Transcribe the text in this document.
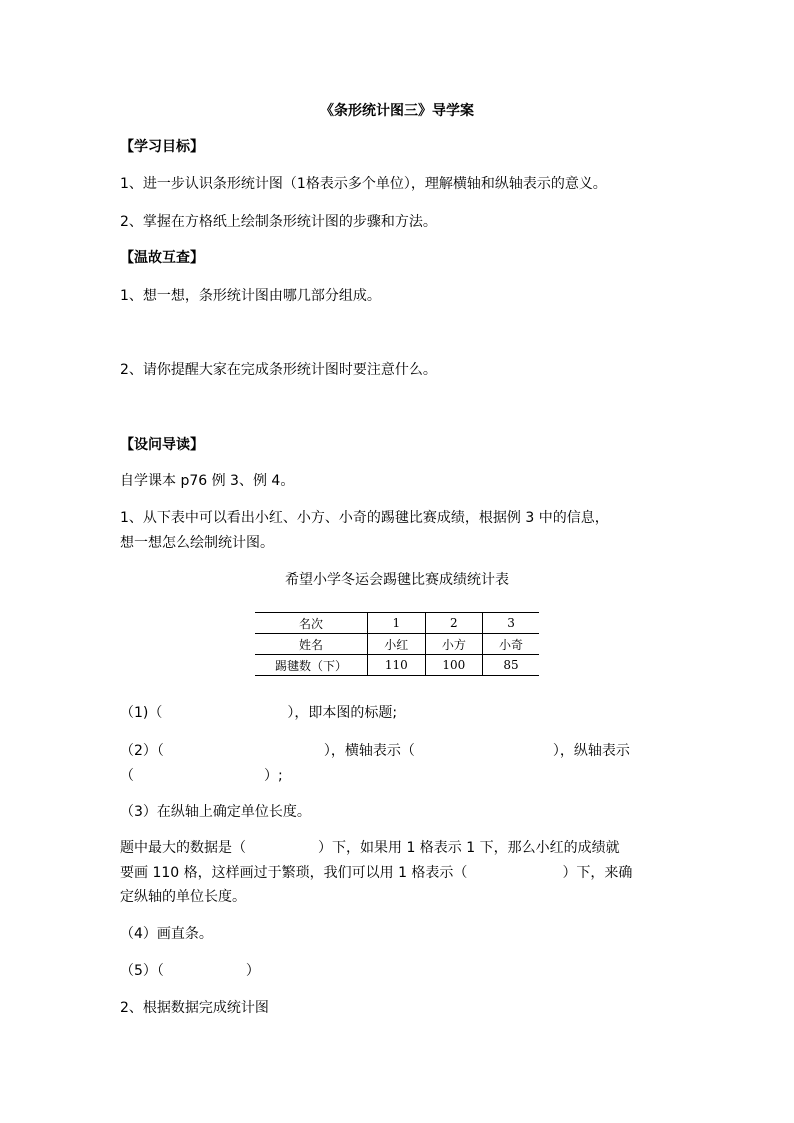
《条形统计图三》导学案
【学习目标】
1、进一步认识条形统计图（1格表示多个单位），理解横轴和纵轴表示的意义。
2、掌握在方格纸上绘制条形统计图的步骤和方法。
【温故互查】
1、想一想，条形统计图由哪几部分组成。
2、请你提醒大家在完成条形统计图时要注意什么。
【设问导读】
自学课本 p76 例 3、例 4。
1、从下表中可以看出小红、小方、小奇的踢毽比赛成绩，根据例 3 中的信息，
想一想怎么绘制统计图。
希望小学冬运会踢毽比赛成绩统计表
名次	1	2	3
姓名	小红	小方	小奇
踢毽数（下）	110	100	85
（1)（	），即本图的标题;
（2）（	），横轴表示（	），纵轴表示
（	）;
（3）在纵轴上确定单位长度。
题中最大的数据是（	）下，如果用 1 格表示 1 下，那么小红的成绩就
要画 110 格，这样画过于繁琐，我们可以用 1 格表示（	）下，来确
定纵轴的单位长度。
（4）画直条。
（5）（	）
2、根据数据完成统计图
